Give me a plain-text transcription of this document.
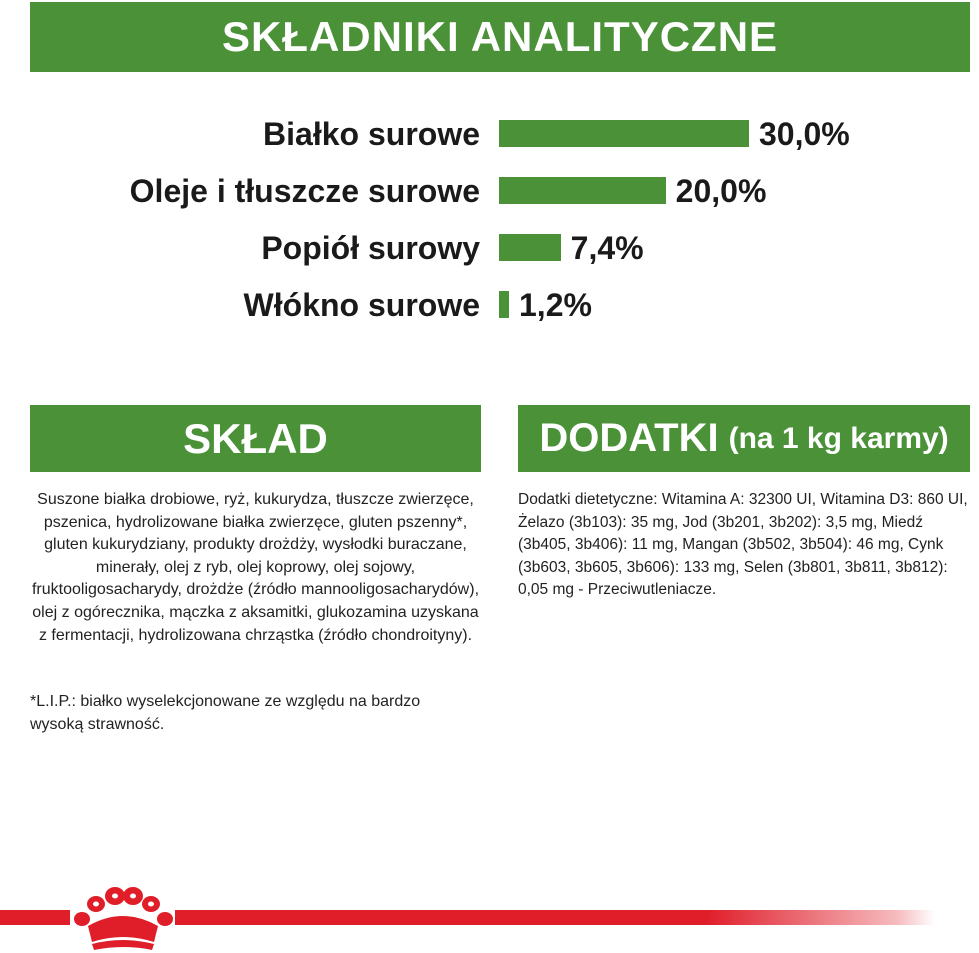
SKŁADNIKI ANALITYCZNE
Białko surowe	30,0%
Oleje i tłuszcze surowe	20,0%
Popiół surowy	7,4%
Włókno surowe 1,2%
SKŁAD	DODATKI (na 1 kg karmy)
Suszone białka drobiowe, ryż, kukurydza, tłuszcze zwierzęce, pszenica, hydrolizowane białka zwierzęce, gluten pszenny*, gluten kukurydziany, produkty drożdży, wysłodki buraczane, minerały, olej z ryb, olej koprowy, olej sojowy, fruktooligosacharydy, drożdże (źródło mannooligosacharydów), olej z ogórecznika, mączka z aksamitki, glukozamina uzyskana z fermentacji, hydrolizowana chrząstka (źródło chondroityny).
*L.I.P.: białko wyselekcjonowane ze względu na bardzo wysoką strawność.
Dodatki dietetyczne: Witamina A: 32300 UI, Witamina D3: 860 UI, Żelazo (3b103): 35 mg, Jod (3b201, 3b202): 3,5 mg, Miedź (3b405, 3b406): 11 mg, Mangan (3b502, 3b504): 46 mg, Cynk (3b603, 3b605, 3b606): 133 mg, Selen (3b801, 3b811, 3b812): 0,05 mg - Przeciwutleniacze.
